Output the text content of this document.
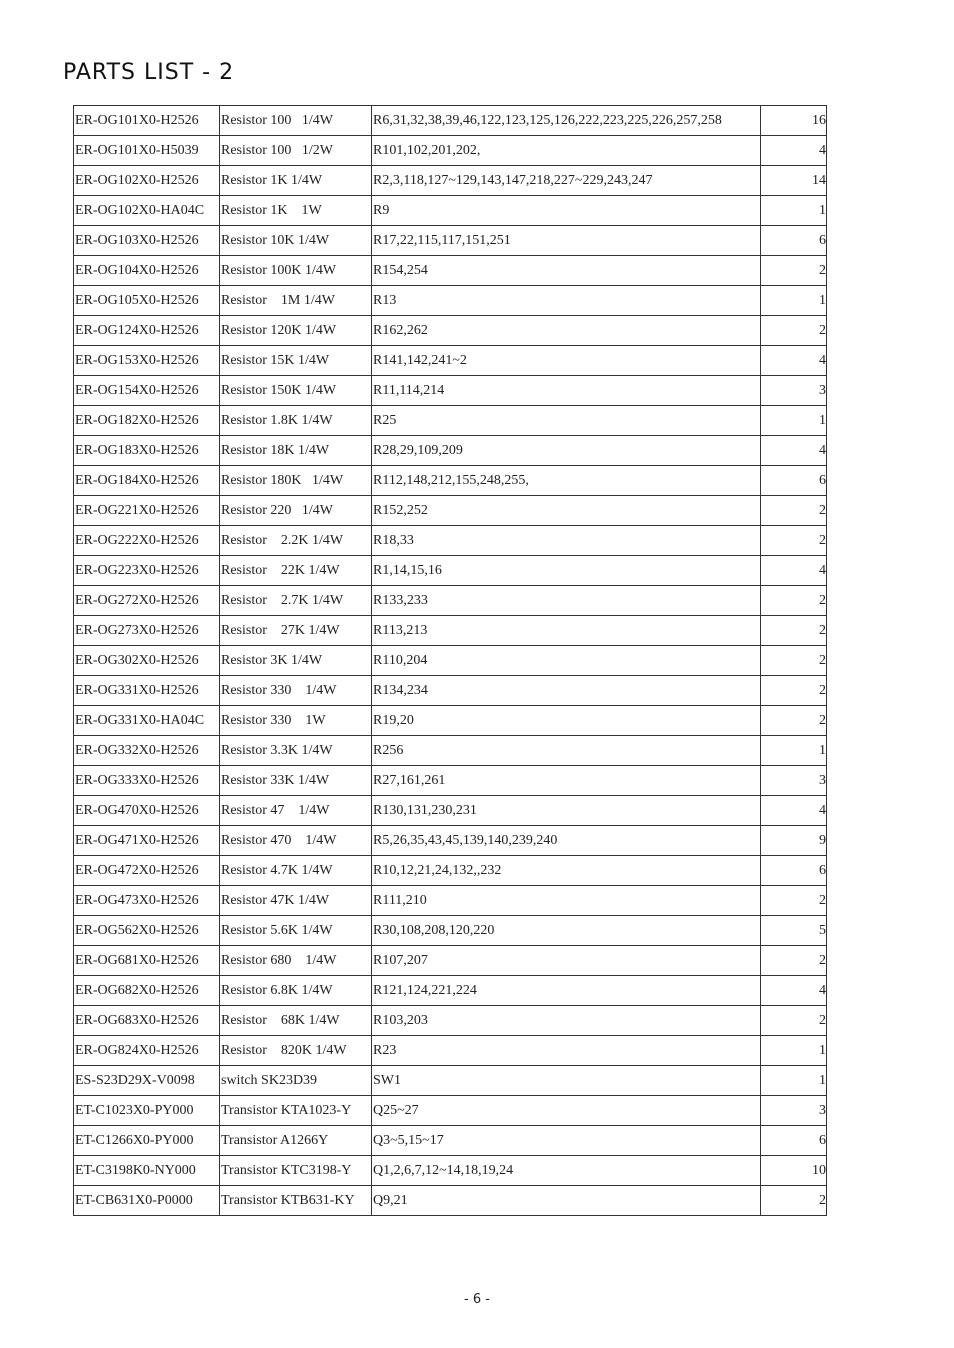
PARTS LIST - 2
ER-OG101X0-H2526	Resistor 100   1/4W	R6,31,32,38,39,46,122,123,125,126,222,223,225,226,257,258	16
ER-OG101X0-H5039	Resistor 100   1/2W	R101,102,201,202,	4
ER-OG102X0-H2526	Resistor 1K 1/4W	R2,3,118,127~129,143,147,218,227~229,243,247	14
ER-OG102X0-HA04C	Resistor 1K    1W	R9	1
ER-OG103X0-H2526	Resistor 10K 1/4W	R17,22,115,117,151,251	6
ER-OG104X0-H2526	Resistor 100K 1/4W	R154,254	2
ER-OG105X0-H2526	Resistor    1M 1/4W	R13	1
ER-OG124X0-H2526	Resistor 120K 1/4W	R162,262	2
ER-OG153X0-H2526	Resistor 15K 1/4W	R141,142,241~2	4
ER-OG154X0-H2526	Resistor 150K 1/4W	R11,114,214	3
ER-OG182X0-H2526	Resistor 1.8K 1/4W	R25	1
ER-OG183X0-H2526	Resistor 18K 1/4W	R28,29,109,209	4
ER-OG184X0-H2526	Resistor 180K   1/4W	R112,148,212,155,248,255,	6
ER-OG221X0-H2526	Resistor 220   1/4W	R152,252	2
ER-OG222X0-H2526	Resistor    2.2K 1/4W	R18,33	2
ER-OG223X0-H2526	Resistor    22K 1/4W	R1,14,15,16	4
ER-OG272X0-H2526	Resistor    2.7K 1/4W	R133,233	2
ER-OG273X0-H2526	Resistor    27K 1/4W	R113,213	2
ER-OG302X0-H2526	Resistor 3K 1/4W	R110,204	2
ER-OG331X0-H2526	Resistor 330    1/4W	R134,234	2
ER-OG331X0-HA04C	Resistor 330    1W	R19,20	2
ER-OG332X0-H2526	Resistor 3.3K 1/4W	R256	1
ER-OG333X0-H2526	Resistor 33K 1/4W	R27,161,261	3
ER-OG470X0-H2526	Resistor 47    1/4W	R130,131,230,231	4
ER-OG471X0-H2526	Resistor 470    1/4W	R5,26,35,43,45,139,140,239,240	9
ER-OG472X0-H2526	Resistor 4.7K 1/4W	R10,12,21,24,132,,232	6
ER-OG473X0-H2526	Resistor 47K 1/4W	R111,210	2
ER-OG562X0-H2526	Resistor 5.6K 1/4W	R30,108,208,120,220	5
ER-OG681X0-H2526	Resistor 680    1/4W	R107,207	2
ER-OG682X0-H2526	Resistor 6.8K 1/4W	R121,124,221,224	4
ER-OG683X0-H2526	Resistor    68K 1/4W	R103,203	2
ER-OG824X0-H2526	Resistor    820K 1/4W	R23	1
ES-S23D29X-V0098	switch SK23D39	SW1	1
ET-C1023X0-PY000	Transistor KTA1023-Y	Q25~27	3
ET-C1266X0-PY000	Transistor A1266Y	Q3~5,15~17	6
ET-C3198K0-NY000	Transistor KTC3198-Y	Q1,2,6,7,12~14,18,19,24	10
ET-CB631X0-P0000	Transistor KTB631-KY	Q9,21	2
- 6 -
